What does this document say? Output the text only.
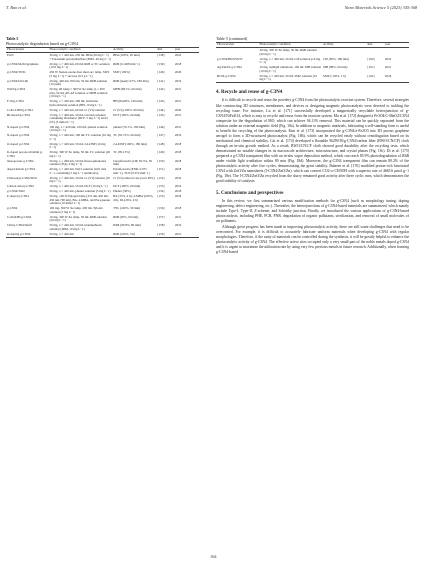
T. Bao et al.	Nano Materials Science 5 (2023) 345-368
Table 5
Photocatalytic degradation based on g-C3N4.
Photocatalyst	Photocatalytic condition	Activity	Ref.	year
EGN	30 mg, λ > 420 nm, 250 mL BPA (20 mg L−1) + Potassium peroxydisulfate (PMS, 40 mg L−1)	BPA (100%, 20 min)	[138]	2022
g-C3N4/MoS2/graphene	20 mg, λ > 400 nm, 60 mL RhB or TC solution (10.0 mg L−1)	RhB (0.1268 min−1)	[139]	2018
g-C3N4/TNTs	450 W Xenon-ozone-free short-arc lamp, SMT (5 mg L−1) + sucrose (0.2 g L−1)	SMT (100%)	[140]	2020
g-C3N4/UiO-66	20 mg, 420 nm-760 nm, 50 mL RhB solution (10 ppm)	RhB (nearly 97%, 180 min)	[141]	2016
WO3/g-C3N4	50 mg, IR lamp > 300 W Xe lamp (λ = 400 nm), 50 mL AP-AP solution or MPB solution (10 mg L−1)	MPB (98.1%, 60 min)	[142]	2021
F-Si/g-C3N4	50 mg, λ > 420 nm, 300 mL berberine hydrochloride solution (BH, 10 mg L−1)	BH (84.68%, 120 min)	[143]	2021
CoFe-LDH/g-C3N4	50 mg, λ > 420 nm, 60 mL Cr (VI) solution	Cr (VI) (100%, 90 min)	[144]	2020
Bi-doped/g-C3N4	15 mg, λ > 400 nm, 50 mL reaction solution containing diclofenac (DCF, 5 mg L−1) and S (IV) (5 mmol L−1)	DCF (100%, 60 min)	[145]	2021
N-doped g-C3N4	100 mg, λ > 420 nm, 100 mL phenol solution (10 mg L−1)	phenol (70.1%, 180 min)	[146]	2021
N-doped g-C3N4	50 mg, λ > 420 nm, 100 mL TC solution (10 mg L−1)	TC (81.72%, 60 min)	[147]	2019
O-doped g-C3N4	20 mg, λ > 420 nm, 50 mL 2,4-DNP (10 mg L−1)	2,4-DNP (100%, 180 min)	[148]	2018
K-doped porous ultrathin g-C3N4	30 mg, 300 W Xe lamp, 50 mL TC solution (20 mg L−1)	TC (85.13%)	[149]	2018
mesoporous g-C3N4	50 mg, λ = 290 nm, 50 mL fluoroquinolones solution (FQs, 4 mg L−1)	Ciprofloxacin (CIP, 92.3%, 50 min)	[150]	2018
doped metals g-C3N4	40 mg, λ > 420 nm, NaCl solution (0.01 mol L−1, containing 5 mg L−1 antibiotics)	Enrofloxacin (ENR, 0.075 min−1), TCN (0.072 min−1)	[151]	2018
Chitosan/g-C3N4/TiO2	30 mg, λ > 420 nm, 50 mL Cr (VI) solution (10 mg L−1)	Cr (VI) removal rate (over 90%)	[152]	2019
Carbon dots/g-C3N4	10 mg, λ > 400 nm, 50 mL DCF (10 mg L−1)	DCF (100%, 60 min)	[153]	2019
g-C3N4/TiO2	20 mg, λ > 420 nm, phenol solution (5 mg L−1)	Phenol (30%)	[154]	2018
P-doped g-C3N4	50 mg, 100 W halogen lamp (315 nm-430 nm, 450 nm-700 nm), BA, 4-MBA, and PA aqueous solution (10 mmol L−1)	BA (33%, 4 h), 4-MBA (100%, 4 h), PA (26%, 4 h)	[155]	2018
g-C3N4	100 mg, 300 W Xe lamp, 200 mL Tylosin solution (5 mg L−1)	TYL (100%, 30 min)	[156]	2018
Co3O4/Bi/g-C3N4	10 mg, 300 W Xe lamp, 50 mL RhB solution (20 mg L−1)	RhB (95%, 60 min)	[157]	2021
CDs/g-C3N4/SnO2	50 mg, λ > 420 nm, 50 mL indomethacin solution (IDM, 10 mg L−1)	IDM (90.8%, 80 min)	[158]	2019
O-doping g-C3N4	50 mg, λ > 420 nm	RhB (100%, 3 h)	[159]	2021
Table 5 (continued)
Photocatalyst	Photocatalytic condition	Activity	Ref.	year
	30 mg, 300 W Xe lamp, 30 mL RhB solution (20 mg L−1)			
g-C3N4/BiOI/WO3	10 mg, λ > 400 nm, 50 mL CIP solution (10 mg L−1)	CIP (85%, 180 min)	[160]	2019
Ag/ZnO/S-g-C3N4	10 mg, sunlight radiations, 100 mL MB solution (10 mg L−1)	MB (98%, 60 min)	[161]	2021
BCM-g-C3N4	50 mg, λ > 420 nm, 50 mL SMZ solution (10 mg L−1)	SMZ (~90%, 1 h)	[162]	2018
4. Recycle and reuse of g-C3N4

It is difficult to recycle and reuse the powdery g-C3N4 from the photocatalytic reaction system. Therefore, several strategies like constructing 3D structures, membranes, and devices or designing magnetic photocatalysts were devoted to tackling the recycling issue. For instance, Lu et al. [171] successfully developed a magnetically recyclable heterojunction of g-C3N4/NiFe2O4, which is easy to recycle and reuse from the reaction system. Ma et al. [172] designed a Fe3O4/C-MnO2/C3N4 composite for the degradation of MO, which can achieve 94.11% removal. This material can be quickly separated from the solution under an external magnetic field (Fig. 18a). In addition to magnetic materials, fabricating a self-standing form is useful to benefit the recycling of the photocatalysts. Kim et al. [173] incorporated the g-C3N4/a-Fe2O3 into 3D porous graphene aerogel to form a 3D-structured photocatalyst (Fig. 18b), which can be recycled easily without centrifugation based on its mechanical and chemical stability. Cai et al. [174] developed a floatable Bi2WO6/g-C3N4/carbon fiber (BWO/CN/CF) cloth through an in-situ growth method. As a result, BWO/CN/CF cloth showed good durability after the recycling tests, which demonstrated no notable changes in its macroscale architecture, microstructure, and crystal phases (Fig. 18c). Di et al. [175] prepared a g-C3N4 transparent film with an in-situ vapor deposition method, which can reach 85.9% photodegradation of RhB under visible light irradiation within 80 min (Fig. 18d). Moreover, the g-C3N4 transparent film can remain 80.2% of the photocatalytic activity after five cycles, demonstrating the great stability. Balaeee et al. [176] modified proton-rich functional C3N4 with ZnO/Zn nanosheets (I-C3N4/ZnO/Zn), which can convert CO2 to CH3OH with a superior rate of 4665.6 μmol g−1 (Fig. 18e). The I-C3N4/ZnO/Zn recycled from the slurry remained good activity after three cyclic runs, which demonstrates the good stability of catalysts.

5. Conclusions and perspectives

In this review, we first summarized various modification methods for g-C3N4 (such as morphology tuning, doping engineering, defect engineering, etc.). Thereafter, the heterojunctions of g-C3N4-based materials are summarized, which mainly include Type-I, Type-II, Z-scheme, and Schottky junction. Finally, we introduced the various applications of g-C3N4-based photocatalysts, including PHE, PCR, PNR, degradation of organic pollutants, sterilization, and removal of small molecules of air pollutants.

Although great progress has been made in improving photocatalytic activity, there are still some challenges that need to be overcomed. For example, it is difficult to accurately fabricate uniform materials when developing g-C3N4 with regular morphologies. Therefore, if the unity of materials can be controlled during the synthesis, it will be greatly helpful to enhance the photocatalytic activity of g-C3N4. The effective active sites occupied only a very small part of the noble metals doped g-C3N4 and it is urgent to maximize the utilization rate by using very few precious metals in future research. Additionally, when forming g-C3N4-based

364
